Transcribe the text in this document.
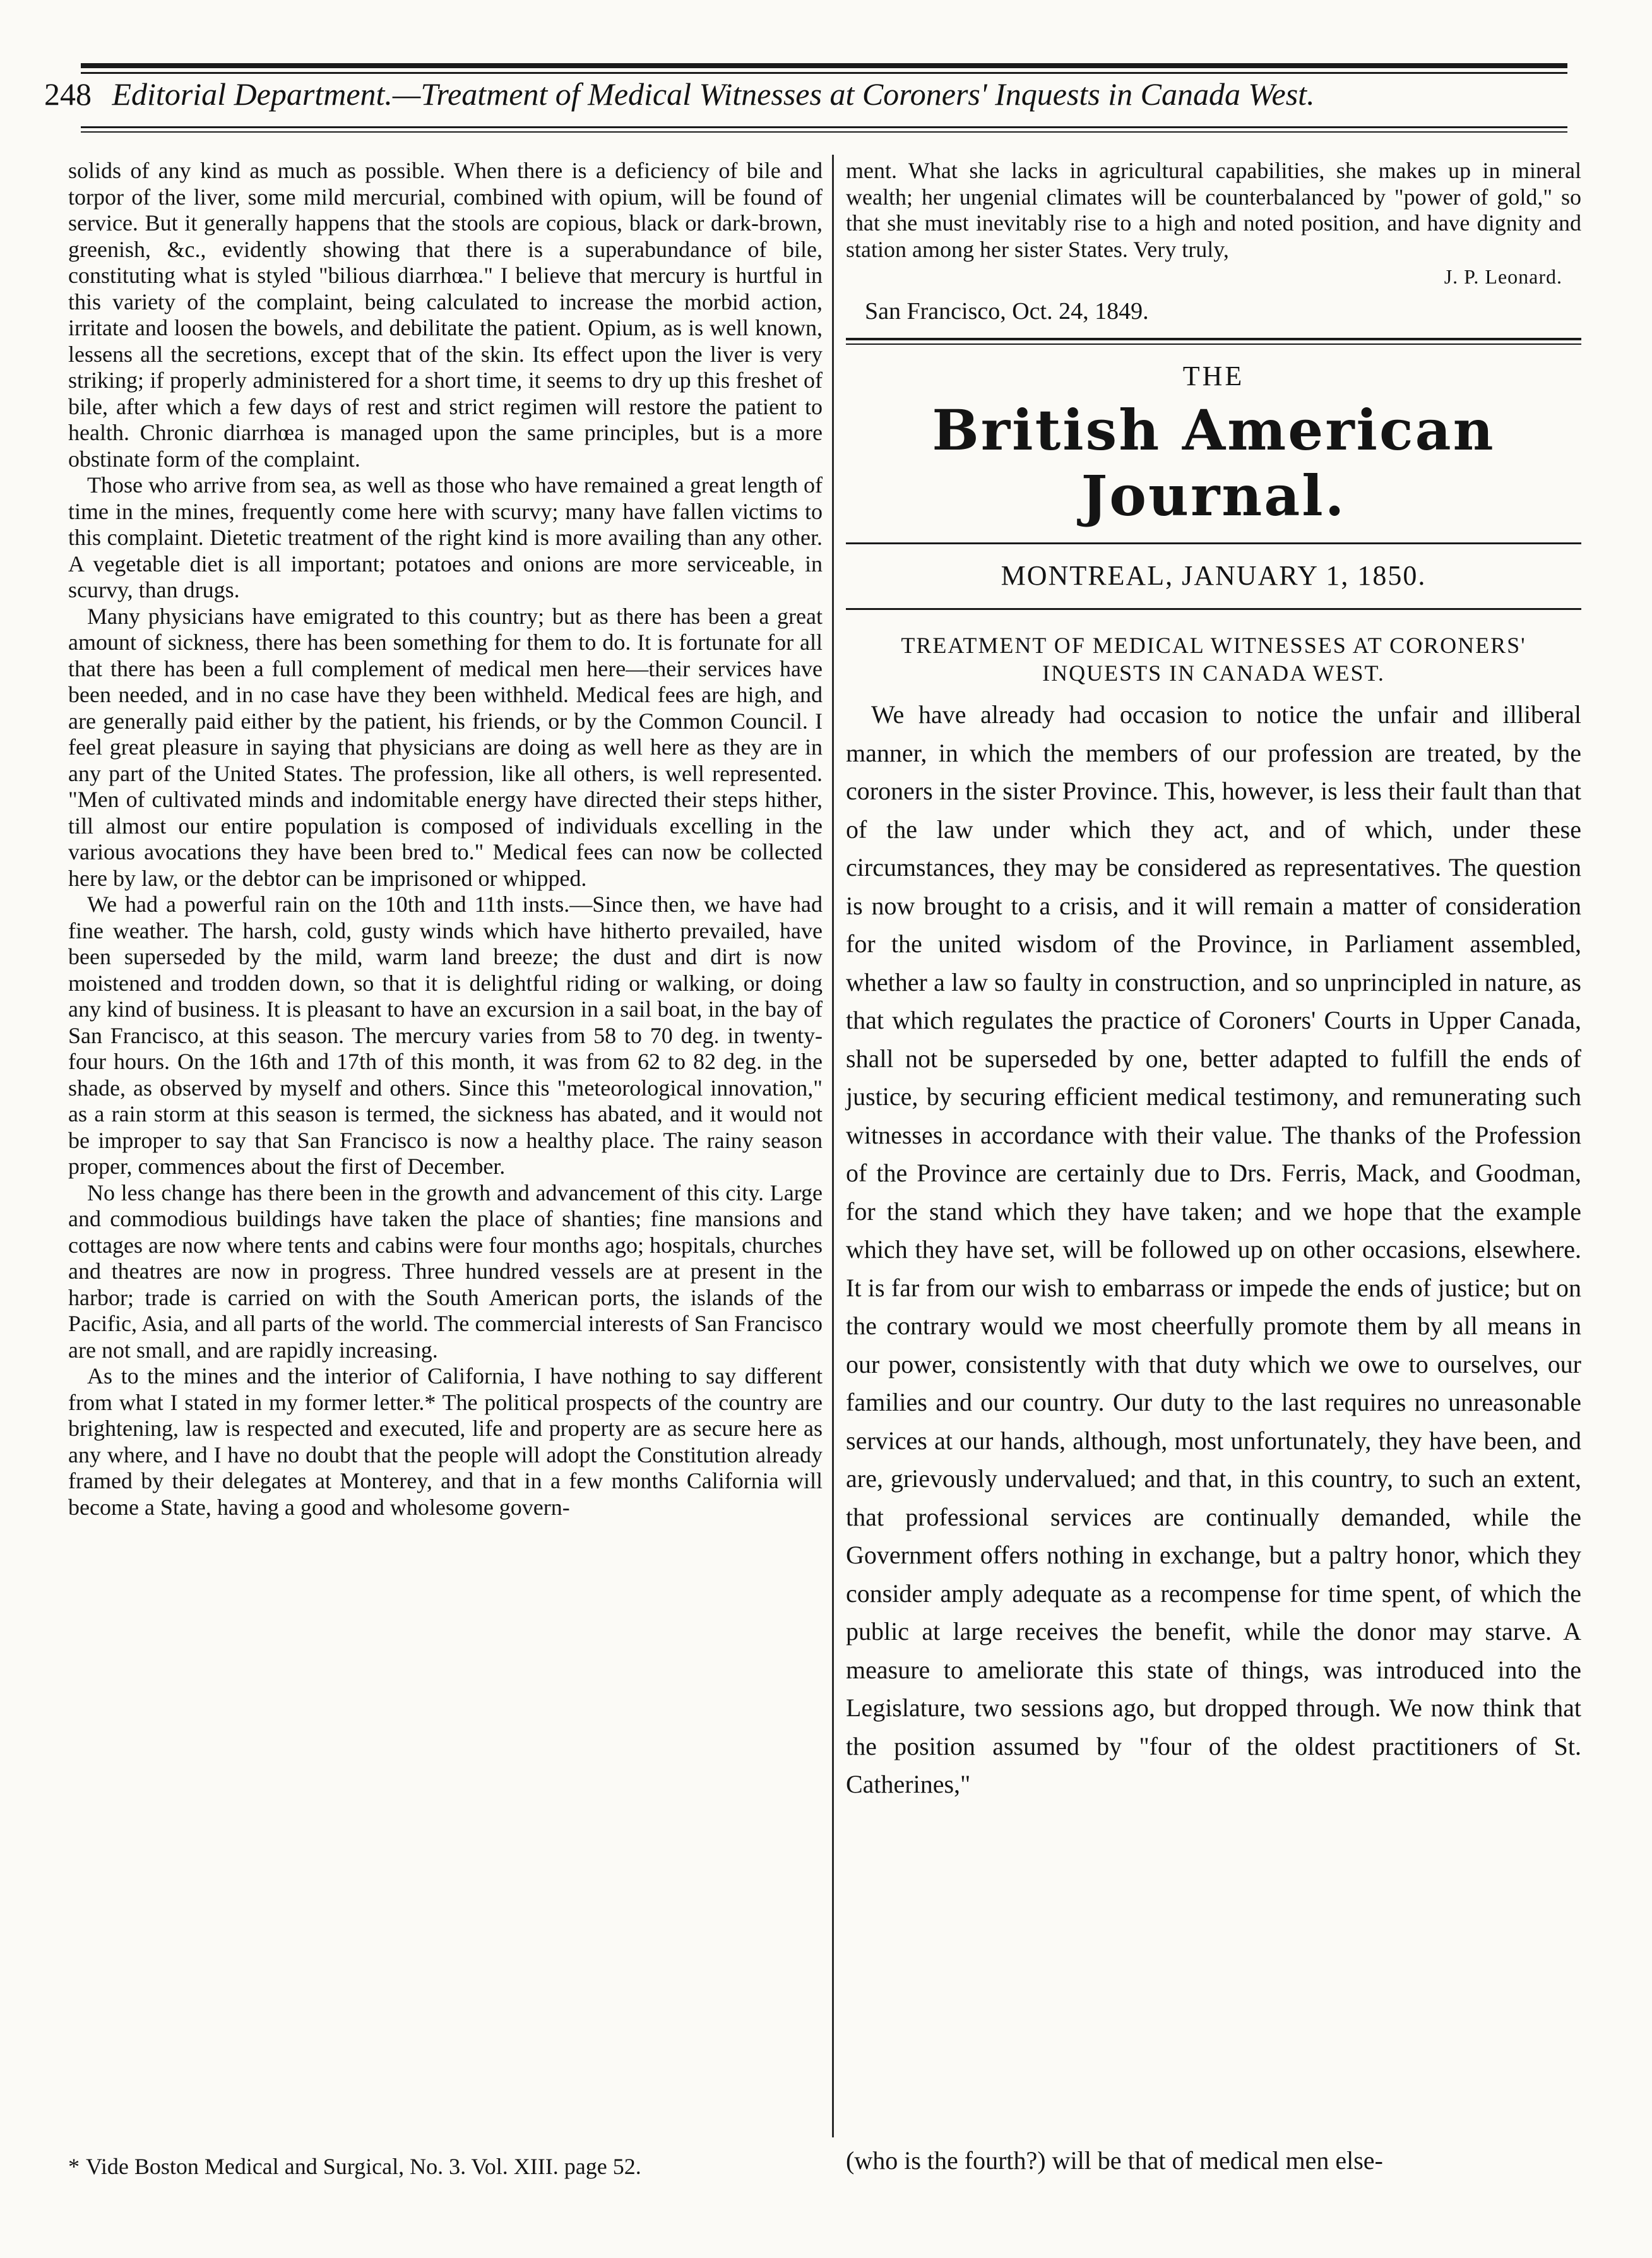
248 Editorial Department.—Treatment of Medical Witnesses at Coroners' Inquests in Canada West.

solids of any kind as much as possible. When there is a deficiency of bile and torpor of the liver, some mild mercurial, combined with opium, will be found of service. But it generally happens that the stools are copious, black or dark-brown, greenish, &c., evidently showing that there is a superabundance of bile, constituting what is styled "bilious diarrhœa." I believe that mercury is hurtful in this variety of the complaint, being calculated to increase the morbid action, irritate and loosen the bowels, and debilitate the patient. Opium, as is well known, lessens all the secretions, except that of the skin. Its effect upon the liver is very striking; if properly administered for a short time, it seems to dry up this freshet of bile, after which a few days of rest and strict regimen will restore the patient to health. Chronic diarrhœa is managed upon the same principles, but is a more obstinate form of the complaint.

Those who arrive from sea, as well as those who have remained a great length of time in the mines, frequently come here with scurvy; many have fallen victims to this complaint. Dietetic treatment of the right kind is more availing than any other. A vegetable diet is all important; potatoes and onions are more serviceable, in scurvy, than drugs.

Many physicians have emigrated to this country; but as there has been a great amount of sickness, there has been something for them to do. It is fortunate for all that there has been a full complement of medical men here—their services have been needed, and in no case have they been withheld. Medical fees are high, and are generally paid either by the patient, his friends, or by the Common Council. I feel great pleasure in saying that physicians are doing as well here as they are in any part of the United States. The profession, like all others, is well represented. "Men of cultivated minds and indomitable energy have directed their steps hither, till almost our entire population is composed of individuals excelling in the various avocations they have been bred to." Medical fees can now be collected here by law, or the debtor can be imprisoned or whipped.

We had a powerful rain on the 10th and 11th insts.—Since then, we have had fine weather. The harsh, cold, gusty winds which have hitherto prevailed, have been superseded by the mild, warm land breeze; the dust and dirt is now moistened and trodden down, so that it is delightful riding or walking, or doing any kind of business. It is pleasant to have an excursion in a sail boat, in the bay of San Francisco, at this season. The mercury varies from 58 to 70 deg. in twenty-four hours. On the 16th and 17th of this month, it was from 62 to 82 deg. in the shade, as observed by myself and others. Since this "meteorological innovation," as a rain storm at this season is termed, the sickness has abated, and it would not be improper to say that San Francisco is now a healthy place. The rainy season proper, commences about the first of December.

No less change has there been in the growth and advancement of this city. Large and commodious buildings have taken the place of shanties; fine mansions and cottages are now where tents and cabins were four months ago; hospitals, churches and theatres are now in progress. Three hundred vessels are at present in the harbor; trade is carried on with the South American ports, the islands of the Pacific, Asia, and all parts of the world. The commercial interests of San Francisco are not small, and are rapidly increasing.

As to the mines and the interior of California, I have nothing to say different from what I stated in my former letter.* The political prospects of the country are brightening, law is respected and executed, life and property are as secure here as any where, and I have no doubt that the people will adopt the Constitution already framed by their delegates at Monterey, and that in a few months California will become a State, having a good and wholesome govern-

ment. What she lacks in agricultural capabilities, she makes up in mineral wealth; her ungenial climates will be counterbalanced by "power of gold," so that she must inevitably rise to a high and noted position, and have dignity and station among her sister States. Very truly,

J. P. Leonard.
San Francisco, Oct. 24, 1849.
THE
British American Journal.
MONTREAL, JANUARY 1, 1850.
TREATMENT OF MEDICAL WITNESSES AT CORONERS' INQUESTS IN CANADA WEST.

We have already had occasion to notice the unfair and illiberal manner, in which the members of our profession are treated, by the coroners in the sister Province. This, however, is less their fault than that of the law under which they act, and of which, under these circumstances, they may be considered as representatives. The question is now brought to a crisis, and it will remain a matter of consideration for the united wisdom of the Province, in Parliament assembled, whether a law so faulty in construction, and so unprincipled in nature, as that which regulates the practice of Coroners' Courts in Upper Canada, shall not be superseded by one, better adapted to fulfill the ends of justice, by securing efficient medical testimony, and remunerating such witnesses in accordance with their value. The thanks of the Profession of the Province are certainly due to Drs. Ferris, Mack, and Goodman, for the stand which they have taken; and we hope that the example which they have set, will be followed up on other occasions, elsewhere. It is far from our wish to embarrass or impede the ends of justice; but on the contrary would we most cheerfully promote them by all means in our power, consistently with that duty which we owe to ourselves, our families and our country. Our duty to the last requires no unreasonable services at our hands, although, most unfortunately, they have been, and are, grievously undervalued; and that, in this country, to such an extent, that professional services are continually demanded, while the Government offers nothing in exchange, but a paltry honor, which they consider amply adequate as a recompense for time spent, of which the public at large receives the benefit, while the donor may starve. A measure to ameliorate this state of things, was introduced into the Legislature, two sessions ago, but dropped through. We now think that the position assumed by "four of the oldest practitioners of St. Catherines,"

* Vide Boston Medical and Surgical, No. 3. Vol. XIII. page 52.	(who is the fourth?) will be that of medical men else-
